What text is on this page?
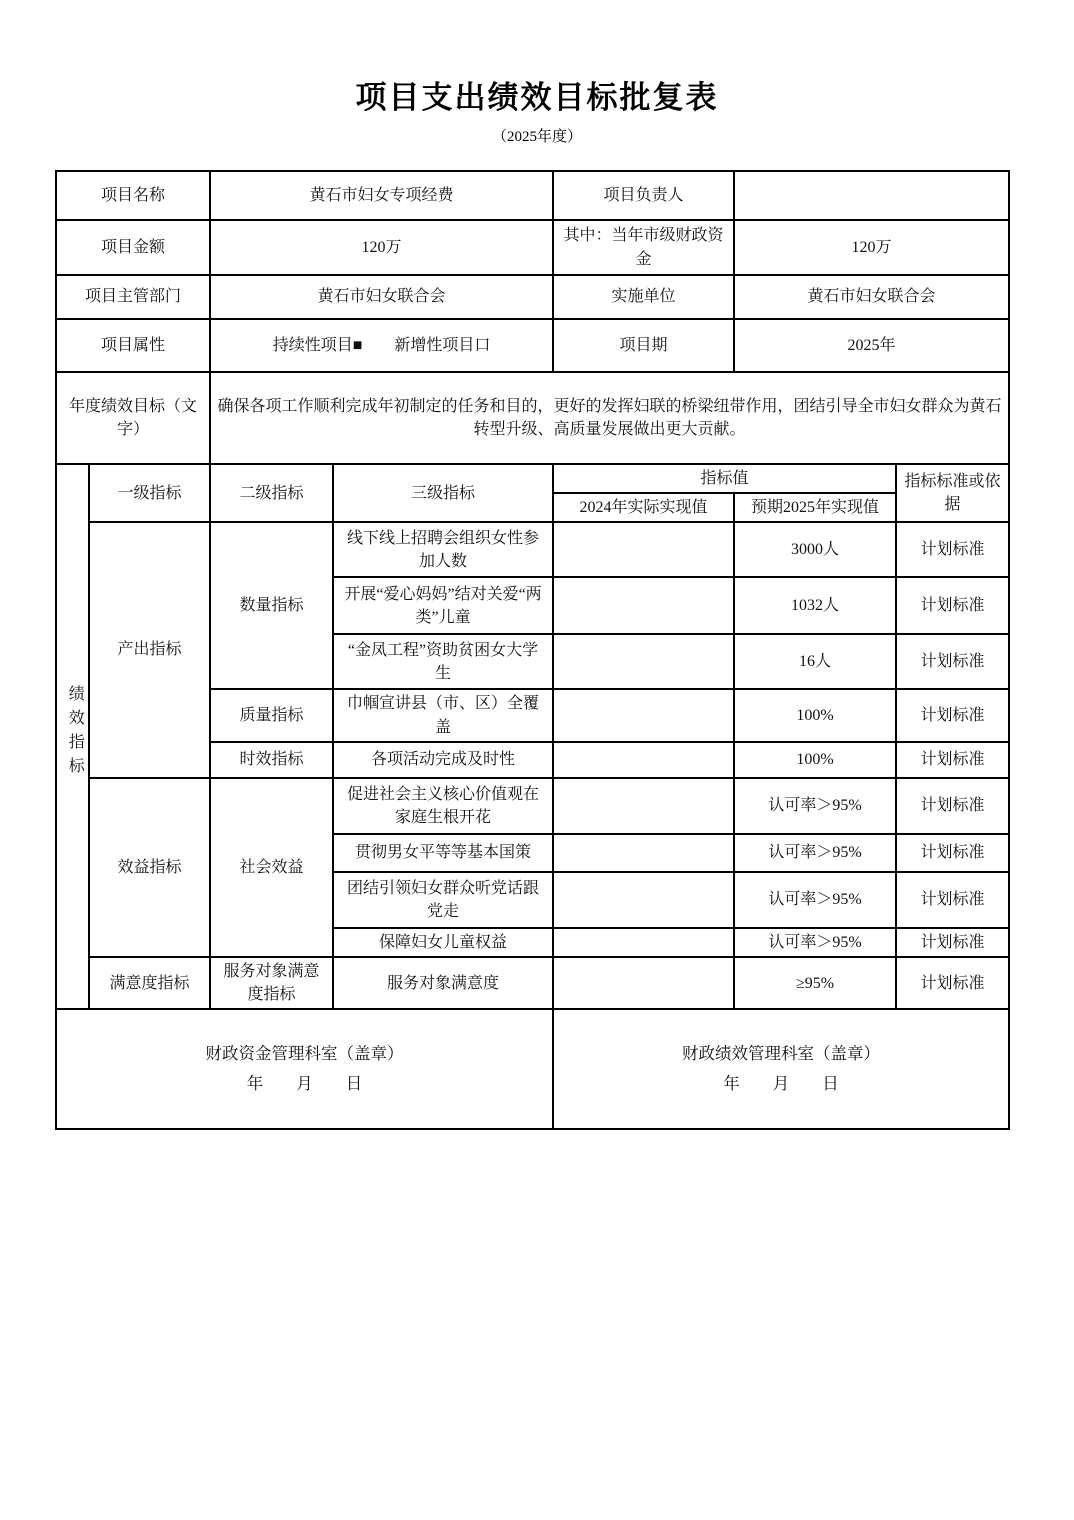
项目支出绩效目标批复表
（2025年度）
项目名称		黄石市妇女专项经费		项目负责人		
项目金额		120万		其中：当年市级财政资金	120万	
项目主管部门		黄石市妇女联合会		实施单位	黄石市妇女联合会	
项目属性		持续性项目■　　新增性项目口		项目期	2025年	
年度绩效目标（文字）		确保各项工作顺利完成年初制定的任务和目的，更好的发挥妇联的桥梁纽带作用，团结引导全市妇女群众为黄石转型升级、高质量发展做出更大贡献。				
绩效指标	一级指标	二级指标	三级指标	指标值		指标标准或依据
				2024年实际实现值	预期2025年实现值	
	产出指标	数量指标	线下线上招聘会组织女性参加人数		3000人	计划标准
			开展“爱心妈妈”结对关爱“两类”儿童		1032人	计划标准
			“金凤工程”资助贫困女大学生		16人	计划标准
		质量指标	巾帼宣讲县（市、区）全覆盖		100%	计划标准
		时效指标	各项活动完成及时性		100%	计划标准
	效益指标	社会效益	促进社会主义核心价值观在家庭生根开花		认可率＞95%	计划标准
			贯彻男女平等等基本国策		认可率＞95%	计划标准
			团结引领妇女群众听党话跟党走		认可率＞95%	计划标准
			保障妇女儿童权益		认可率＞95%	计划标准
	满意度指标	服务对象满意度指标	服务对象满意度		≥95%	计划标准

财政资金管理科室（盖章）
年　　月　　日

财政绩效管理科室（盖章）
年　　月　　日
